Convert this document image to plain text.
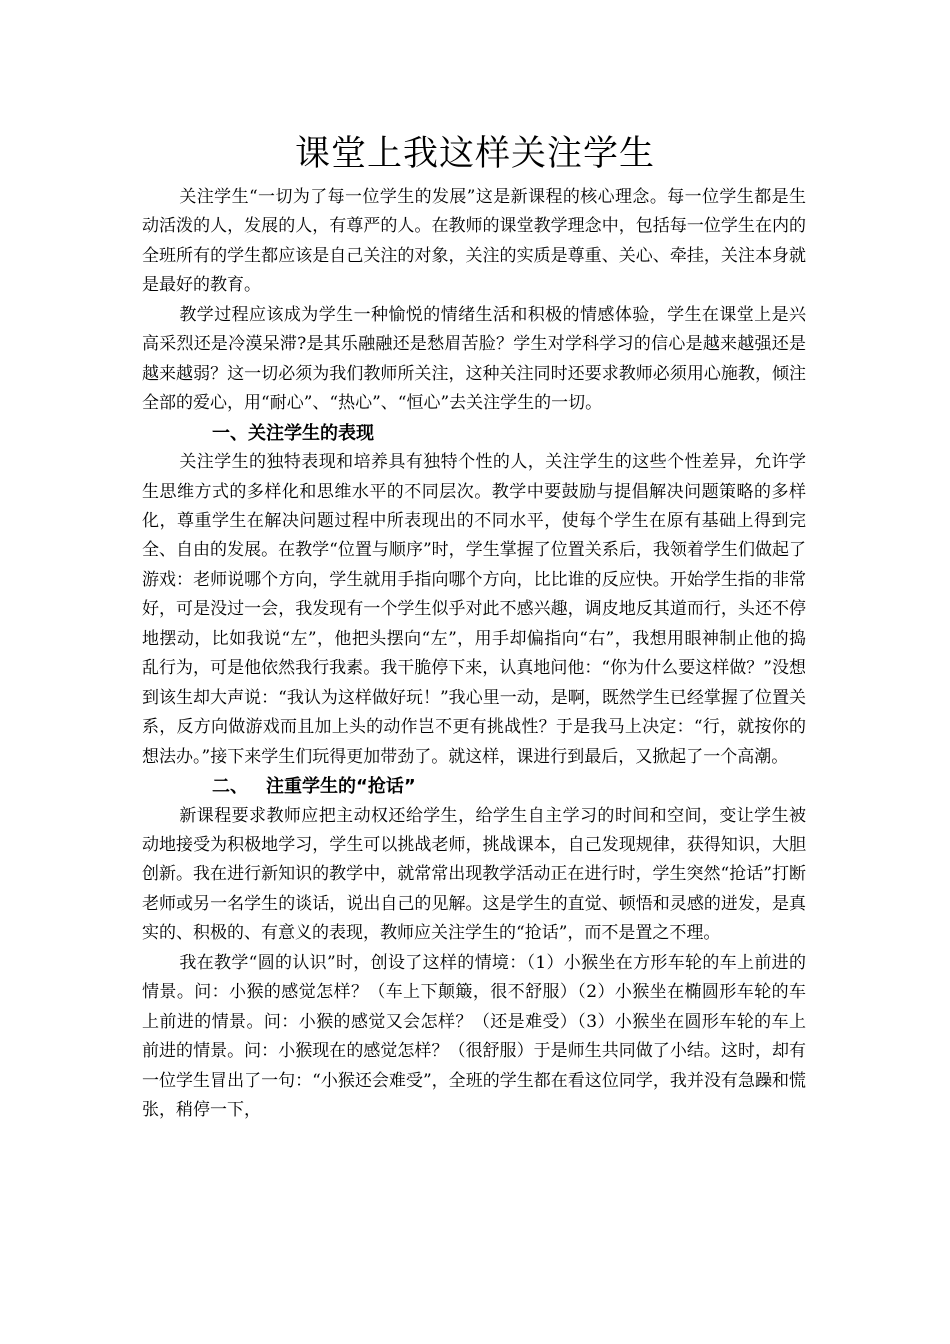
课堂上我这样关注学生

关注学生“一切为了每一位学生的发展”这是新课程的核心理念。每一位学生都是生动活泼的人，发展的人，有尊严的人。在教师的课堂教学理念中，包括每一位学生在内的全班所有的学生都应该是自己关注的对象，关注的实质是尊重、关心、牵挂，关注本身就是最好的教育。

教学过程应该成为学生一种愉悦的情绪生活和积极的情感体验，学生在课堂上是兴高采烈还是冷漠呆滞?是其乐融融还是愁眉苦脸？学生对学科学习的信心是越来越强还是越来越弱？这一切必须为我们教师所关注，这种关注同时还要求教师必须用心施教，倾注全部的爱心，用“耐心”、“热心”、“恒心”去关注学生的一切。

一、关注学生的表现

关注学生的独特表现和培养具有独特个性的人，关注学生的这些个性差异，允许学生思维方式的多样化和思维水平的不同层次。教学中要鼓励与提倡解决问题策略的多样化，尊重学生在解决问题过程中所表现出的不同水平，使每个学生在原有基础上得到完全、自由的发展。在教学“位置与顺序”时，学生掌握了位置关系后，我领着学生们做起了游戏：老师说哪个方向，学生就用手指向哪个方向，比比谁的反应快。开始学生指的非常好，可是没过一会，我发现有一个学生似乎对此不感兴趣，调皮地反其道而行，头还不停地摆动，比如我说“左”，他把头摆向“左”，用手却偏指向“右”，我想用眼神制止他的捣乱行为，可是他依然我行我素。我干脆停下来，认真地问他：“你为什么要这样做？”没想到该生却大声说：“我认为这样做好玩！”我心里一动，是啊，既然学生已经掌握了位置关系，反方向做游戏而且加上头的动作岂不更有挑战性？于是我马上决定：“行，就按你的想法办。”接下来学生们玩得更加带劲了。就这样，课进行到最后，又掀起了一个高潮。

二、 注重学生的“抢话”

新课程要求教师应把主动权还给学生，给学生自主学习的时间和空间，变让学生被动地接受为积极地学习，学生可以挑战老师，挑战课本，自己发现规律，获得知识，大胆创新。我在进行新知识的教学中，就常常出现教学活动正在进行时，学生突然“抢话”打断老师或另一名学生的谈话，说出自己的见解。这是学生的直觉、顿悟和灵感的迸发，是真实的、积极的、有意义的表现，教师应关注学生的“抢话”，而不是置之不理。

我在教学“圆的认识”时，创设了这样的情境：（1）小猴坐在方形车轮的车上前进的情景。问：小猴的感觉怎样？（车上下颠簸，很不舒服）（2）小猴坐在椭圆形车轮的车上前进的情景。问：小猴的感觉又会怎样？（还是难受）（3）小猴坐在圆形车轮的车上前进的情景。问：小猴现在的感觉怎样？（很舒服）于是师生共同做了小结。这时，却有一位学生冒出了一句：“小猴还会难受”，全班的学生都在看这位同学，我并没有急躁和慌张，稍停一下，
